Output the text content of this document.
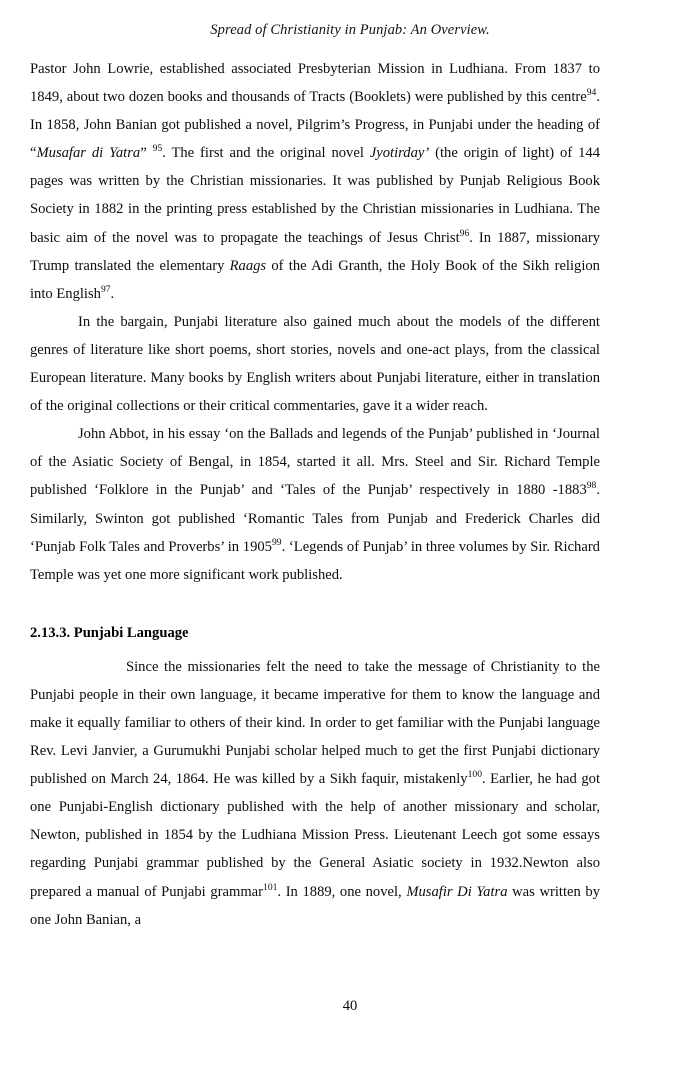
Spread of Christianity in Punjab: An Overview.

Pastor John Lowrie, established associated Presbyterian Mission in Ludhiana. From 1837 to 1849, about two dozen books and thousands of Tracts (Booklets) were published by this centre$^{94}$. In 1858, John Banian got published a novel, Pilgrim’s Progress, in Punjabi under the heading of “Musafar di Yatra” $^{95}$. The first and the original novel Jyotirday’ (the origin of light) of 144 pages was written by the Christian missionaries. It was published by Punjab Religious Book Society in 1882 in the printing press established by the Christian missionaries in Ludhiana. The basic aim of the novel was to propagate the teachings of Jesus Christ$^{96}$. In 1887, missionary Trump translated the elementary Raags of the Adi Granth, the Holy Book of the Sikh religion into English$^{97}$.

In the bargain, Punjabi literature also gained much about the models of the different genres of literature like short poems, short stories, novels and one-act plays, from the classical European literature. Many books by English writers about Punjabi literature, either in translation of the original collections or their critical commentaries, gave it a wider reach.

John Abbot, in his essay ‘on the Ballads and legends of the Punjab’ published in ‘Journal of the Asiatic Society of Bengal, in 1854, started it all. Mrs. Steel and Sir. Richard Temple published ‘Folklore in the Punjab’ and ‘Tales of the Punjab’ respectively in 1880 -1883$^{98}$. Similarly, Swinton got published ‘Romantic Tales from Punjab and Frederick Charles did ‘Punjab Folk Tales and Proverbs’ in 1905$^{99}$. ‘Legends of Punjab’ in three volumes by Sir. Richard Temple was yet one more significant work published.

2.13.3. Punjabi Language

Since the missionaries felt the need to take the message of Christianity to the Punjabi people in their own language, it became imperative for them to know the language and make it equally familiar to others of their kind. In order to get familiar with the Punjabi language Rev. Levi Janvier, a Gurumukhi Punjabi scholar helped much to get the first Punjabi dictionary published on March 24, 1864. He was killed by a Sikh faquir, mistakenly$^{100}$. Earlier, he had got one Punjabi-English dictionary published with the help of another missionary and scholar, Newton, published in 1854 by the Ludhiana Mission Press. Lieutenant Leech got some essays regarding Punjabi grammar published by the General Asiatic society in 1932.Newton also prepared a manual of Punjabi grammar$^{101}$. In 1889, one novel, Musafir Di Yatra was written by one John Banian, a

40
